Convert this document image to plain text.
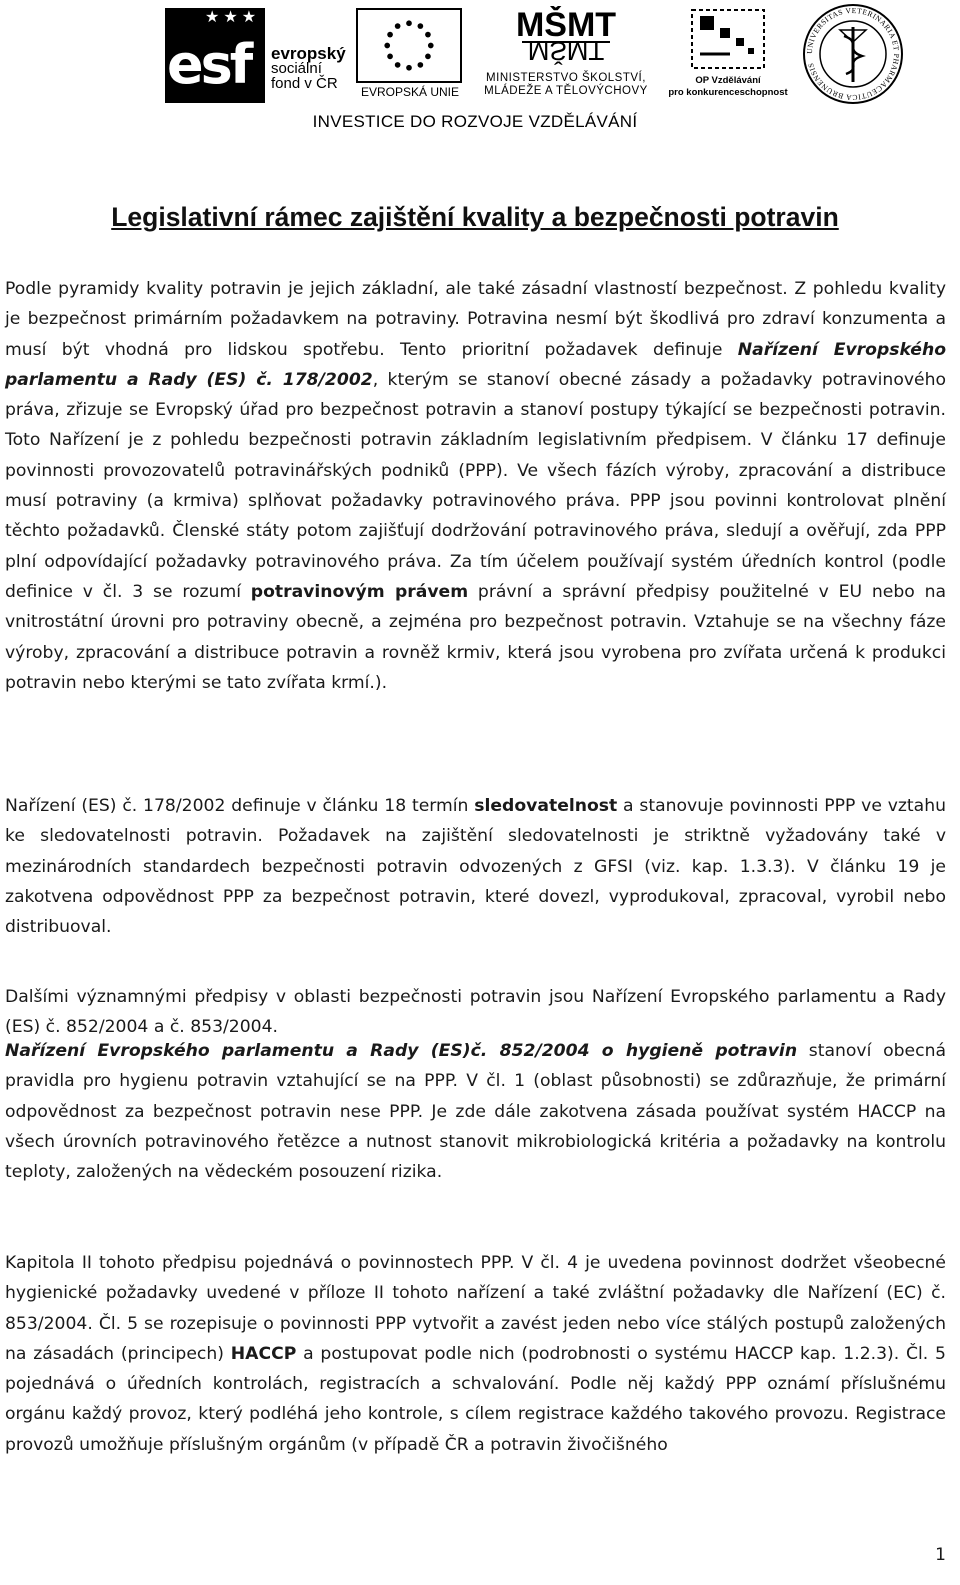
★ ★ ★
esf evropský
sociální
fond v ČR	EVROPSKÁ UNIE
MŠMT
MŠMT
MINISTERSTVO ŠKOLSTVÍ,
MLÁDEŽE A TĚLOVÝCHOVY
OP Vzdělávání
pro konkurenceschopnost
UNIVERSITAS VETERINARIA ET PHARMACEUTICA BRUNENSIS
INVESTICE DO ROZVOJE VZDĚLÁVÁNÍ
Legislativní rámec zajištění kvality a bezpečnosti potravin

Podle pyramidy kvality potravin je jejich základní, ale také zásadní vlastností bezpečnost. Z pohledu kvality je bezpečnost primárním požadavkem na potraviny. Potravina nesmí být škodlivá pro zdraví konzumenta a musí být vhodná pro lidskou spotřebu. Tento prioritní požadavek definuje Nařízení Evropského parlamentu a Rady (ES) č. 178/2002, kterým se stanoví obecné zásady a požadavky potravinového práva, zřizuje se Evropský úřad pro bezpečnost potravin a stanoví postupy týkající se bezpečnosti potravin. Toto Nařízení je z pohledu bezpečnosti potravin základním legislativním předpisem. V článku 17 definuje povinnosti provozovatelů potravinářských podniků (PPP). Ve všech fázích výroby, zpracování a distribuce musí potraviny (a krmiva) splňovat požadavky potravinového práva. PPP jsou povinni kontrolovat plnění těchto požadavků. Členské státy potom zajišťují dodržování potravinového práva, sledují a ověřují, zda PPP plní odpovídající požadavky potravinového práva. Za tím účelem používají systém úředních kontrol (podle definice v čl. 3 se rozumí potravinovým právem právní a správní předpisy použitelné v EU nebo na vnitrostátní úrovni pro potraviny obecně, a zejména pro bezpečnost potravin. Vztahuje se na všechny fáze výroby, zpracování a distribuce potravin a rovněž krmiv, která jsou vyrobena pro zvířata určená k produkci potravin nebo kterými se tato zvířata krmí.).

Nařízení (ES) č. 178/2002 definuje v článku 18 termín sledovatelnost a stanovuje povinnosti PPP ve vztahu ke sledovatelnosti potravin. Požadavek na zajištění sledovatelnosti je striktně vyžadovány také v mezinárodních standardech bezpečnosti potravin odvozených z GFSI (viz. kap. 1.3.3). V článku 19 je zakotvena odpovědnost PPP za bezpečnost potravin, které dovezl, vyprodukoval, zpracoval, vyrobil nebo distribuoval.

Dalšími významnými předpisy v oblasti bezpečnosti potravin jsou Nařízení Evropského parlamentu a Rady (ES) č. 852/2004 a č. 853/2004.

Nařízení Evropského parlamentu a Rady (ES)č. 852/2004 o hygieně potravin stanoví obecná pravidla pro hygienu potravin vztahující se na PPP. V čl. 1 (oblast působnosti) se zdůrazňuje, že primární odpovědnost za bezpečnost potravin nese PPP. Je zde dále zakotvena zásada používat systém HACCP na všech úrovních potravinového řetězce a nutnost stanovit mikrobiologická kritéria a požadavky na kontrolu teploty, založených na vědeckém posouzení rizika.

Kapitola II tohoto předpisu pojednává o povinnostech PPP. V čl. 4 je uvedena povinnost dodržet všeobecné hygienické požadavky uvedené v příloze II tohoto nařízení a také zvláštní požadavky dle Nařízení (EC) č. 853/2004. Čl. 5 se rozepisuje o povinnosti PPP vytvořit a zavést jeden nebo více stálých postupů založených na zásadách (principech) HACCP a postupovat podle nich (podrobnosti o systému HACCP kap. 1.2.3). Čl. 5 pojednává o úředních kontrolách, registracích a schvalování. Podle něj každý PPP oznámí příslušnému orgánu každý provoz, který podléhá jeho kontrole, s cílem registrace každého takového provozu. Registrace provozů umožňuje příslušným orgánům (v případě ČR a potravin živočišného

1
